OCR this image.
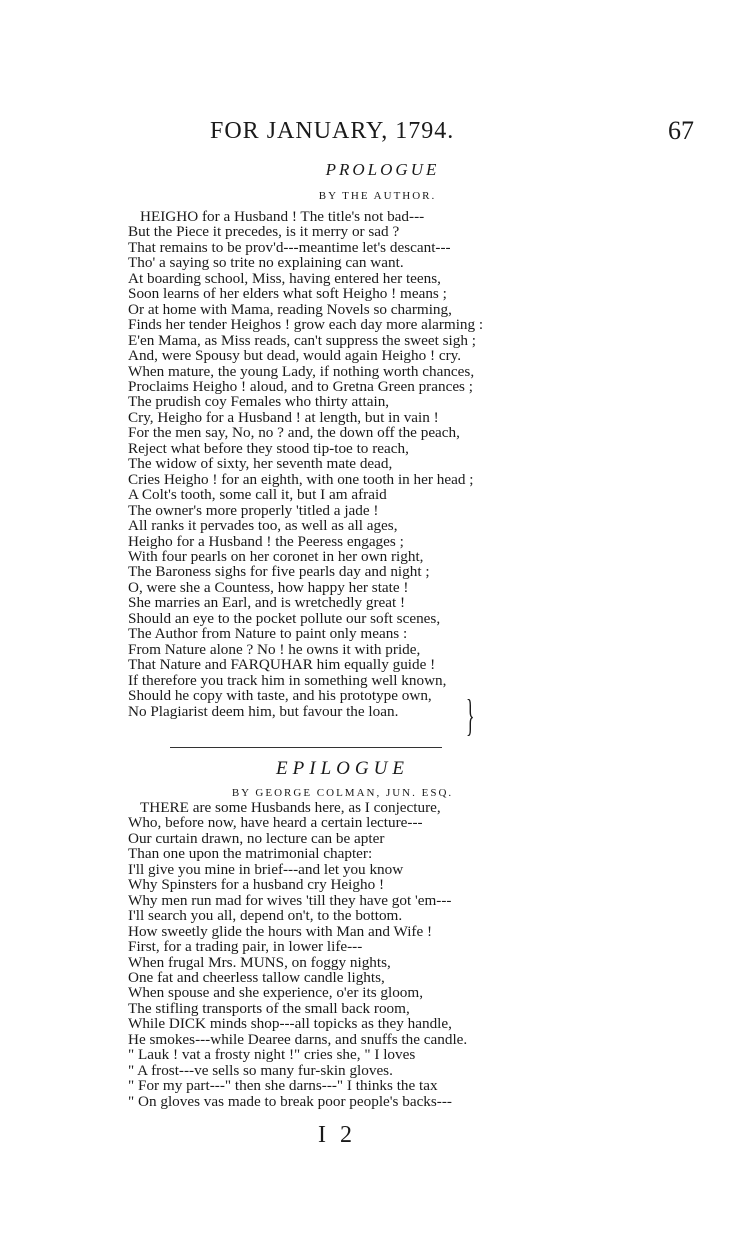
FOR JANUARY, 1794.	67
PROLOGUE
BY THE AUTHOR.
HEIGHO for a Husband ! The title's not bad---
But the Piece it precedes, is it merry or sad ?
That remains to be prov'd---meantime let's descant---
Tho' a saying so trite no explaining can want.
At boarding school, Miss, having entered her teens,
Soon learns of her elders what soft Heigho ! means ;
Or at home with Mama, reading Novels so charming,
Finds her tender Heighos ! grow each day more alarming :
E'en Mama, as Miss reads, can't suppress the sweet sigh ;
And, were Spousy but dead, would again Heigho ! cry.
When mature, the young Lady, if nothing worth chances,
Proclaims Heigho ! aloud, and to Gretna Green prances ;
The prudish coy Females who thirty attain,
Cry, Heigho for a Husband ! at length, but in vain !
For the men say, No, no ? and, the down off the peach,
Reject what before they stood tip-toe to reach,
The widow of sixty, her seventh mate dead,
Cries Heigho ! for an eighth, with one tooth in her head ;
A Colt's tooth, some call it, but I am afraid
The owner's more properly 'titled a jade !
All ranks it pervades too, as well as all ages,
Heigho for a Husband ! the Peeress engages ;
With four pearls on her coronet in her own right,
The Baroness sighs for five pearls day and night ;
O, were she a Countess, how happy her state !
She marries an Earl, and is wretchedly great !
Should an eye to the pocket pollute our soft scenes,
The Author from Nature to paint only means :
From Nature alone ? No ! he owns it with pride,
That Nature and FARQUHAR him equally guide !
If therefore you track him in something well known,
Should he copy with taste, and his prototype own,
No Plagiarist deem him, but favour the loan.	}
EPILOGUE
BY GEORGE COLMAN, JUN. ESQ.
THERE are some Husbands here, as I conjecture,
Who, before now, have heard a certain lecture---
Our curtain drawn, no lecture can be apter
Than one upon the matrimonial chapter:
I'll give you mine in brief---and let you know
Why Spinsters for a husband cry Heigho !
Why men run mad for wives 'till they have got 'em---
I'll search you all, depend on't, to the bottom.
How sweetly glide the hours with Man and Wife !
First, for a trading pair, in lower life---
When frugal Mrs. MUNS, on foggy nights,
One fat and cheerless tallow candle lights,
When spouse and she experience, o'er its gloom,
The stifling transports of the small back room,
While DICK minds shop---all topicks as they handle,
He smokes---while Dearee darns, and snuffs the candle.
" Lauk ! vat a frosty night !" cries she, " I loves
" A frost---ve sells so many fur-skin gloves.
" For my part---" then she darns---" I thinks the tax
" On gloves vas made to break poor people's backs---
I 2
